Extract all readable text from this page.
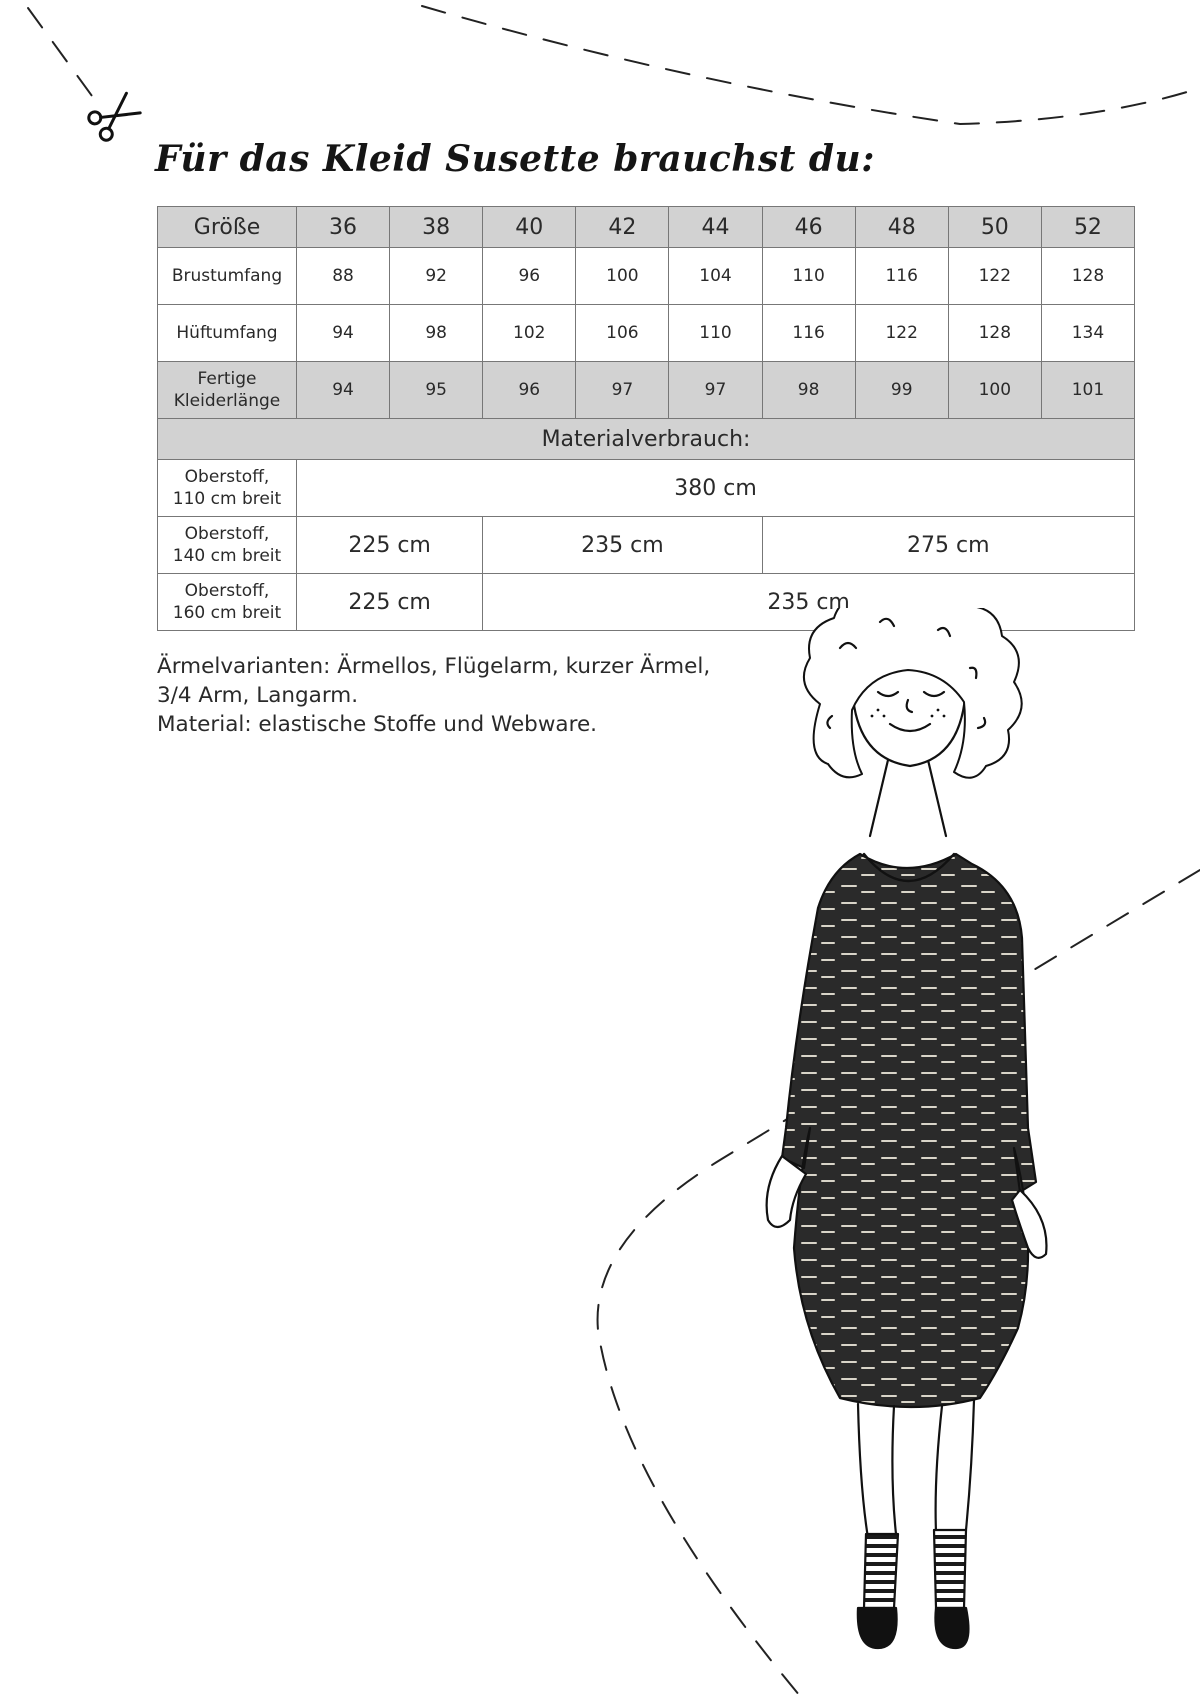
Für das Kleid Susette brauchst du:
Größe	36	38	40	42	44	46	48	50	52
Brustumfang	88	92	96	100	104	110	116	122	128
Hüftumfang	94	98	102	106	110	116	122	128	134

Fertige
Kleiderlänge	94	95	96	97	97	98	99	100	101
Materialverbrauch:									

Oberstoff,
110 cm breit	380 cm								

Oberstoff,
140 cm breit	225 cm		235 cm			275 cm			

Oberstoff,
160 cm breit	225 cm		235 cm						
Ärmelvarianten: Ärmellos, Flügelarm, kurzer Ärmel,
3/4 Arm, Langarm.
Material: elastische Stoffe und Webware.
